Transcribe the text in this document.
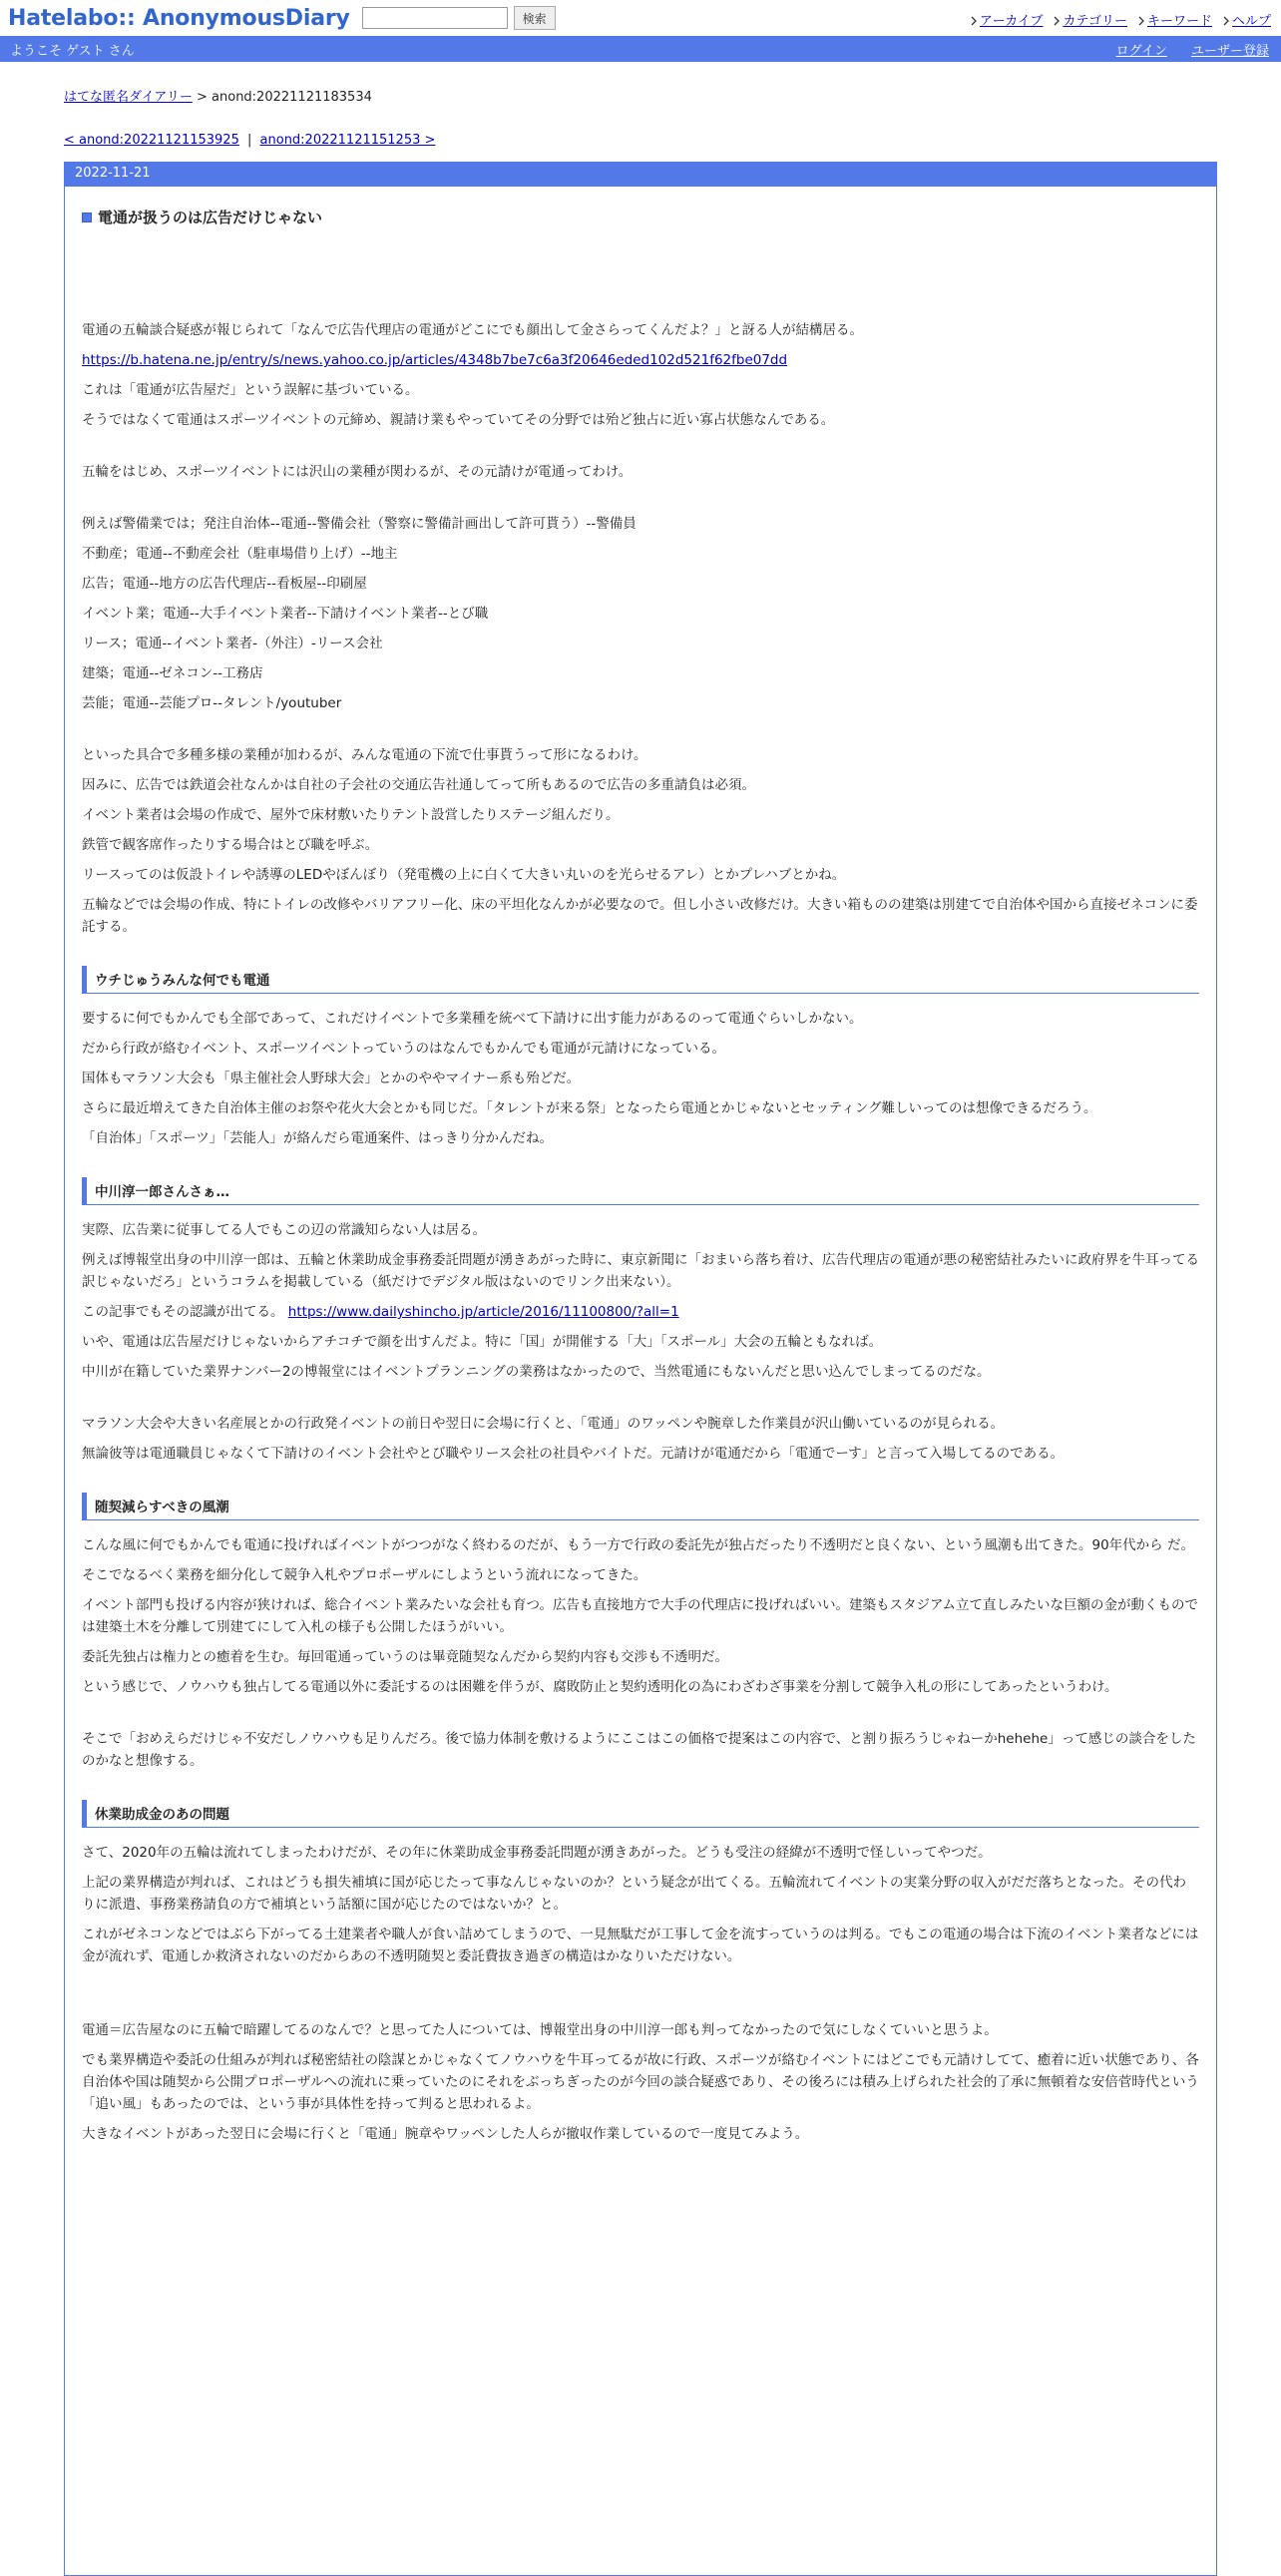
Hatelabo:: AnonymousDiary	検索	アーカイブ カテゴリー キーワード ヘルプ
ようこそ ゲスト さん	ログイン ユーザー登録
はてな匿名ダイアリー > anond:20221121183534
< anond:20221121153925 | anond:20221121151253 >
2022-11-21
電通が扱うのは広告だけじゃない

電通の五輪談合疑惑が報じられて「なんで広告代理店の電通がどこにでも顔出して金さらってくんだよ？」と訝る人が結構居る。

https://b.hatena.ne.jp/entry/s/news.yahoo.co.jp/articles/4348b7be7c6a3f20646eded102d521f62fbe07dd

これは「電通が広告屋だ」という誤解に基づいている。

そうではなくて電通はスポーツイベントの元締め、親請け業もやっていてその分野では殆ど独占に近い寡占状態なんである。

五輪をはじめ、スポーツイベントには沢山の業種が関わるが、その元請けが電通ってわけ。

例えば警備業では；発注自治体--電通--警備会社（警察に警備計画出して許可貰う）--警備員

不動産；電通--不動産会社（駐車場借り上げ）--地主

広告；電通--地方の広告代理店--看板屋--印刷屋

イベント業；電通--大手イベント業者--下請けイベント業者--とび職

リース；電通--イベント業者-（外注）-リース会社

建築；電通--ゼネコン--工務店

芸能；電通--芸能プロ--タレント/youtuber

といった具合で多種多様の業種が加わるが、みんな電通の下流で仕事貰うって形になるわけ。

因みに、広告では鉄道会社なんかは自社の子会社の交通広告社通してって所もあるので広告の多重請負は必須。

イベント業者は会場の作成で、屋外で床材敷いたりテント設営したりステージ組んだり。

鉄管で観客席作ったりする場合はとび職を呼ぶ。

リースってのは仮設トイレや誘導のLEDやぼんぼり（発電機の上に白くて大きい丸いのを光らせるアレ）とかプレハブとかね。

五輪などでは会場の作成、特にトイレの改修やバリアフリー化、床の平坦化なんかが必要なので。但し小さい改修だけ。大きい箱ものの建築は別建てで自治体や国から直接ゼネコンに委託する。

ウチじゅうみんな何でも電通

要するに何でもかんでも全部であって、これだけイベントで多業種を統べて下請けに出す能力があるのって電通ぐらいしかない。

だから行政が絡むイベント、スポーツイベントっていうのはなんでもかんでも電通が元請けになっている。

国体もマラソン大会も「県主催社会人野球大会」とかのややマイナー系も殆どだ。

さらに最近増えてきた自治体主催のお祭や花火大会とかも同じだ。「タレントが来る祭」となったら電通とかじゃないとセッティング難しいってのは想像できるだろう。

「自治体」「スポーツ」「芸能人」が絡んだら電通案件、はっきり分かんだね。

中川淳一郎さんさぁ…

実際、広告業に従事してる人でもこの辺の常識知らない人は居る。

例えば博報堂出身の中川淳一郎は、五輪と休業助成金事務委託問題が湧きあがった時に、東京新聞に「おまいら落ち着け、広告代理店の電通が悪の秘密結社みたいに政府界を牛耳ってる訳じゃないだろ」というコラムを掲載している（紙だけでデジタル版はないのでリンク出来ない）。

この記事でもその認識が出てる。 https://www.dailyshincho.jp/article/2016/11100800/?all=1

いや、電通は広告屋だけじゃないからアチコチで顔を出すんだよ。特に「国」が開催する「大」「スポール」大会の五輪ともなれば。

中川が在籍していた業界ナンバー2の博報堂にはイベントプランニングの業務はなかったので、当然電通にもないんだと思い込んでしまってるのだな。

マラソン大会や大きい名産展とかの行政発イベントの前日や翌日に会場に行くと、「電通」のワッペンや腕章した作業員が沢山働いているのが見られる。

無論彼等は電通職員じゃなくて下請けのイベント会社やとび職やリース会社の社員やバイトだ。元請けが電通だから「電通でーす」と言って入場してるのである。

随契減らすべきの風潮

こんな風に何でもかんでも電通に投げればイベントがつつがなく終わるのだが、もう一方で行政の委託先が独占だったり不透明だと良くない、という風潮も出てきた。90年代から だ。

そこでなるべく業務を細分化して競争入札やプロポーザルにしようという流れになってきた。

イベント部門も投げる内容が狭ければ、総合イベント業みたいな会社も育つ。広告も直接地方で大手の代理店に投げればいい。建築もスタジアム立て直しみたいな巨額の金が動くものでは建築土木を分離して別建てにして入札の様子も公開したほうがいい。

委託先独占は権力との癒着を生む。毎回電通っていうのは畢竟随契なんだから契約内容も交渉も不透明だ。

という感じで、ノウハウも独占してる電通以外に委託するのは困難を伴うが、腐敗防止と契約透明化の為にわざわざ事業を分割して競争入札の形にしてあったというわけ。

そこで「おめえらだけじゃ不安だしノウハウも足りんだろ。後で協力体制を敷けるようにここはこの価格で提案はこの内容で、と割り振ろうじゃねーかhehehe」って感じの談合をしたのかなと想像する。

休業助成金のあの問題

さて、2020年の五輪は流れてしまったわけだが、その年に休業助成金事務委託問題が湧きあがった。どうも受注の経緯が不透明で怪しいってやつだ。

上記の業界構造が判れば、これはどうも損失補填に国が応じたって事なんじゃないのか？という疑念が出てくる。五輪流れてイベントの実業分野の収入がだだ落ちとなった。その代わりに派遣、事務業務請負の方で補填という話額に国が応じたのではないか？と。

これがゼネコンなどではぶら下がってる土建業者や職人が食い詰めてしまうので、一見無駄だが工事して金を流すっていうのは判る。でもこの電通の場合は下流のイベント業者などには金が流れず、電通しか救済されないのだからあの不透明随契と委託費抜き過ぎの構造はかなりいただけない。

電通＝広告屋なのに五輪で暗躍してるのなんで？と思ってた人については、博報堂出身の中川淳一郎も判ってなかったので気にしなくていいと思うよ。

でも業界構造や委託の仕組みが判れば秘密結社の陰謀とかじゃなくてノウハウを牛耳ってるが故に行政、スポーツが絡むイベントにはどこでも元請けしてて、癒着に近い状態であり、各自治体や国は随契から公開プロポーザルへの流れに乗っていたのにそれをぶっちぎったのが今回の談合疑惑であり、その後ろには積み上げられた社会的了承に無頓着な安倍菅時代という「追い風」もあったのでは、という事が具体性を持って判ると思われるよ。

大きなイベントがあった翌日に会場に行くと「電通」腕章やワッペンした人らが撤収作業しているので一度見てみよう。
